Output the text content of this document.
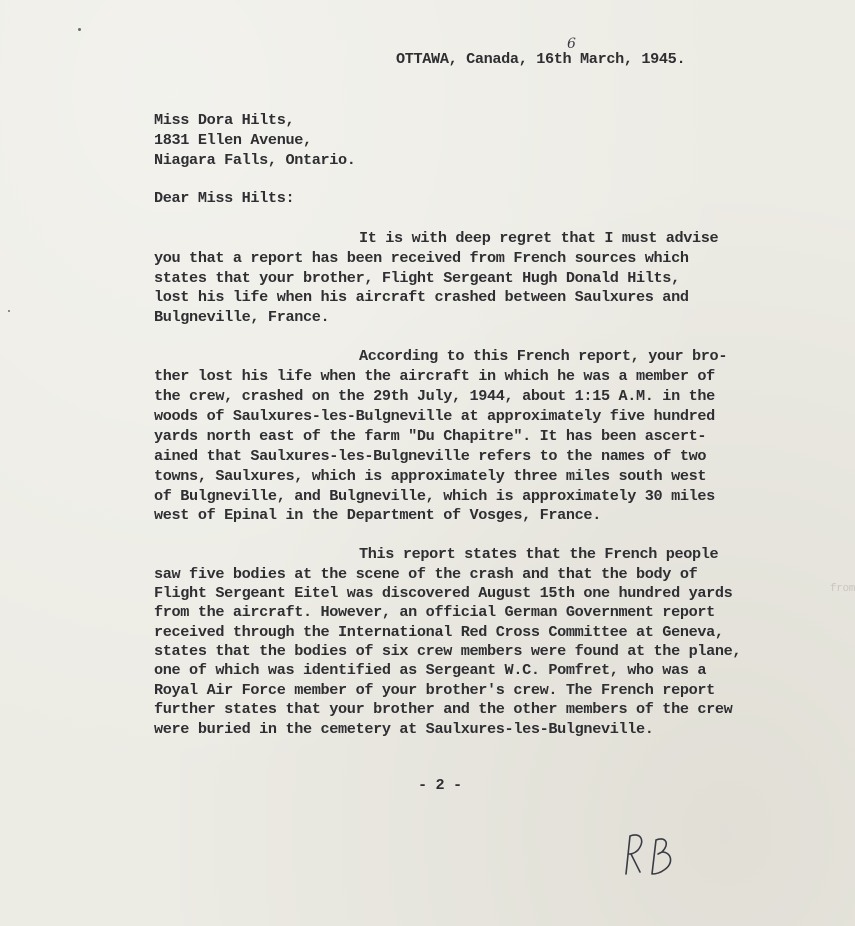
6
OTTAWA, Canada, 16th March, 1945.
Miss Dora Hilts,
1831 Ellen Avenue,
Niagara Falls, Ontario.
Dear Miss Hilts:
It is with deep regret that I must advise
you that a report has been received from French sources which
states that your brother, Flight Sergeant Hugh Donald Hilts,
lost his life when his aircraft crashed between Saulxures and
Bulgneville, France.
According to this French report, your bro-
ther lost his life when the aircraft in which he was a member of
the crew, crashed on the 29th July, 1944, about 1:15 A.M. in the
woods of Saulxures-les-Bulgneville at approximately five hundred
yards north east of the farm "Du Chapitre". It has been ascert-
ained that Saulxures-les-Bulgneville refers to the names of two
towns, Saulxures, which is approximately three miles south west
of Bulgneville, and Bulgneville, which is approximately 30 miles
west of Epinal in the Department of Vosges, France.
This report states that the French people
saw five bodies at the scene of the crash and that the body of
Flight Sergeant Eitel was discovered August 15th one hundred yards
from the aircraft. However, an official German Government report
received through the International Red Cross Committee at Geneva,
states that the bodies of six crew members were found at the plane,
one of which was identified as Sergeant W.C. Pomfret, who was a
Royal Air Force member of your brother's crew. The French report
further states that your brother and the other members of the crew
were buried in the cemetery at Saulxures-les-Bulgneville.
from
- 2 -
